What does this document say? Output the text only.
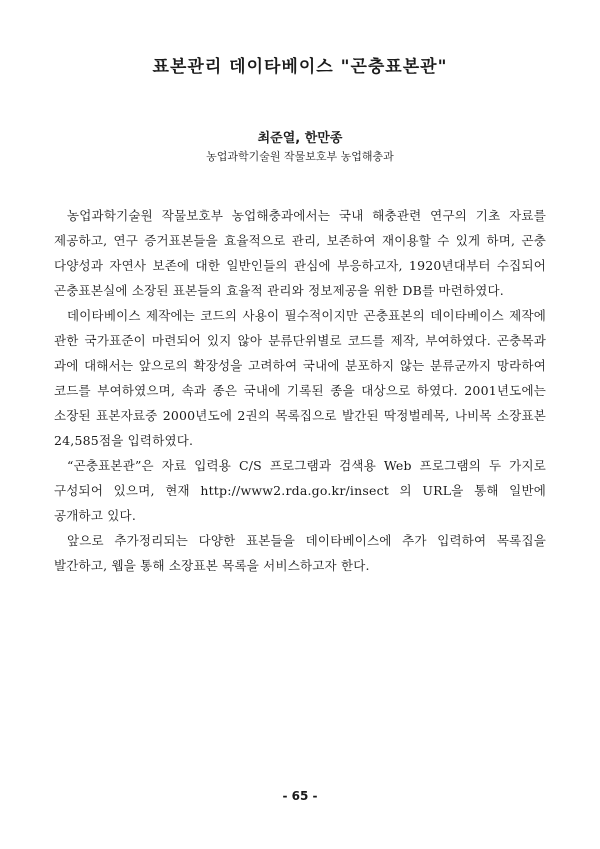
표본관리 데이타베이스 "곤충표본관"
최준열, 한만종
농업과학기술원 작물보호부 농업해충과

농업과학기술원 작물보호부 농업해충과에서는 국내 해충관련 연구의 기초 자료를 제공하고, 연구 증거표본들을 효율적으로 관리, 보존하여 재이용할 수 있게 하며, 곤충 다양성과 자연사 보존에 대한 일반인들의 관심에 부응하고자, 1920년대부터 수집되어 곤충표본실에 소장된 표본들의 효율적 관리와 정보제공을 위한 DB를 마련하였다.

데이타베이스 제작에는 코드의 사용이 필수적이지만 곤충표본의 데이타베이스 제작에 관한 국가표준이 마련되어 있지 않아 분류단위별로 코드를 제작, 부여하였다. 곤충목과 과에 대해서는 앞으로의 확장성을 고려하여 국내에 분포하지 않는 분류군까지 망라하여 코드를 부여하였으며, 속과 종은 국내에 기록된 종을 대상으로 하였다. 2001년도에는 소장된 표본자료중 2000년도에 2권의 목록집으로 발간된 딱정벌레목, 나비목 소장표본 24,585점을 입력하였다.

“곤충표본관”은 자료 입력용 C/S 프로그램과 검색용 Web 프로그램의 두 가지로 구성되어 있으며, 현재 http://www2.rda.go.kr/insect 의 URL을 통해 일반에 공개하고 있다.

앞으로 추가정리되는 다양한 표본들을 데이타베이스에 추가 입력하여 목록집을 발간하고, 웹을 통해 소장표본 목록을 서비스하고자 한다.

- 65 -
